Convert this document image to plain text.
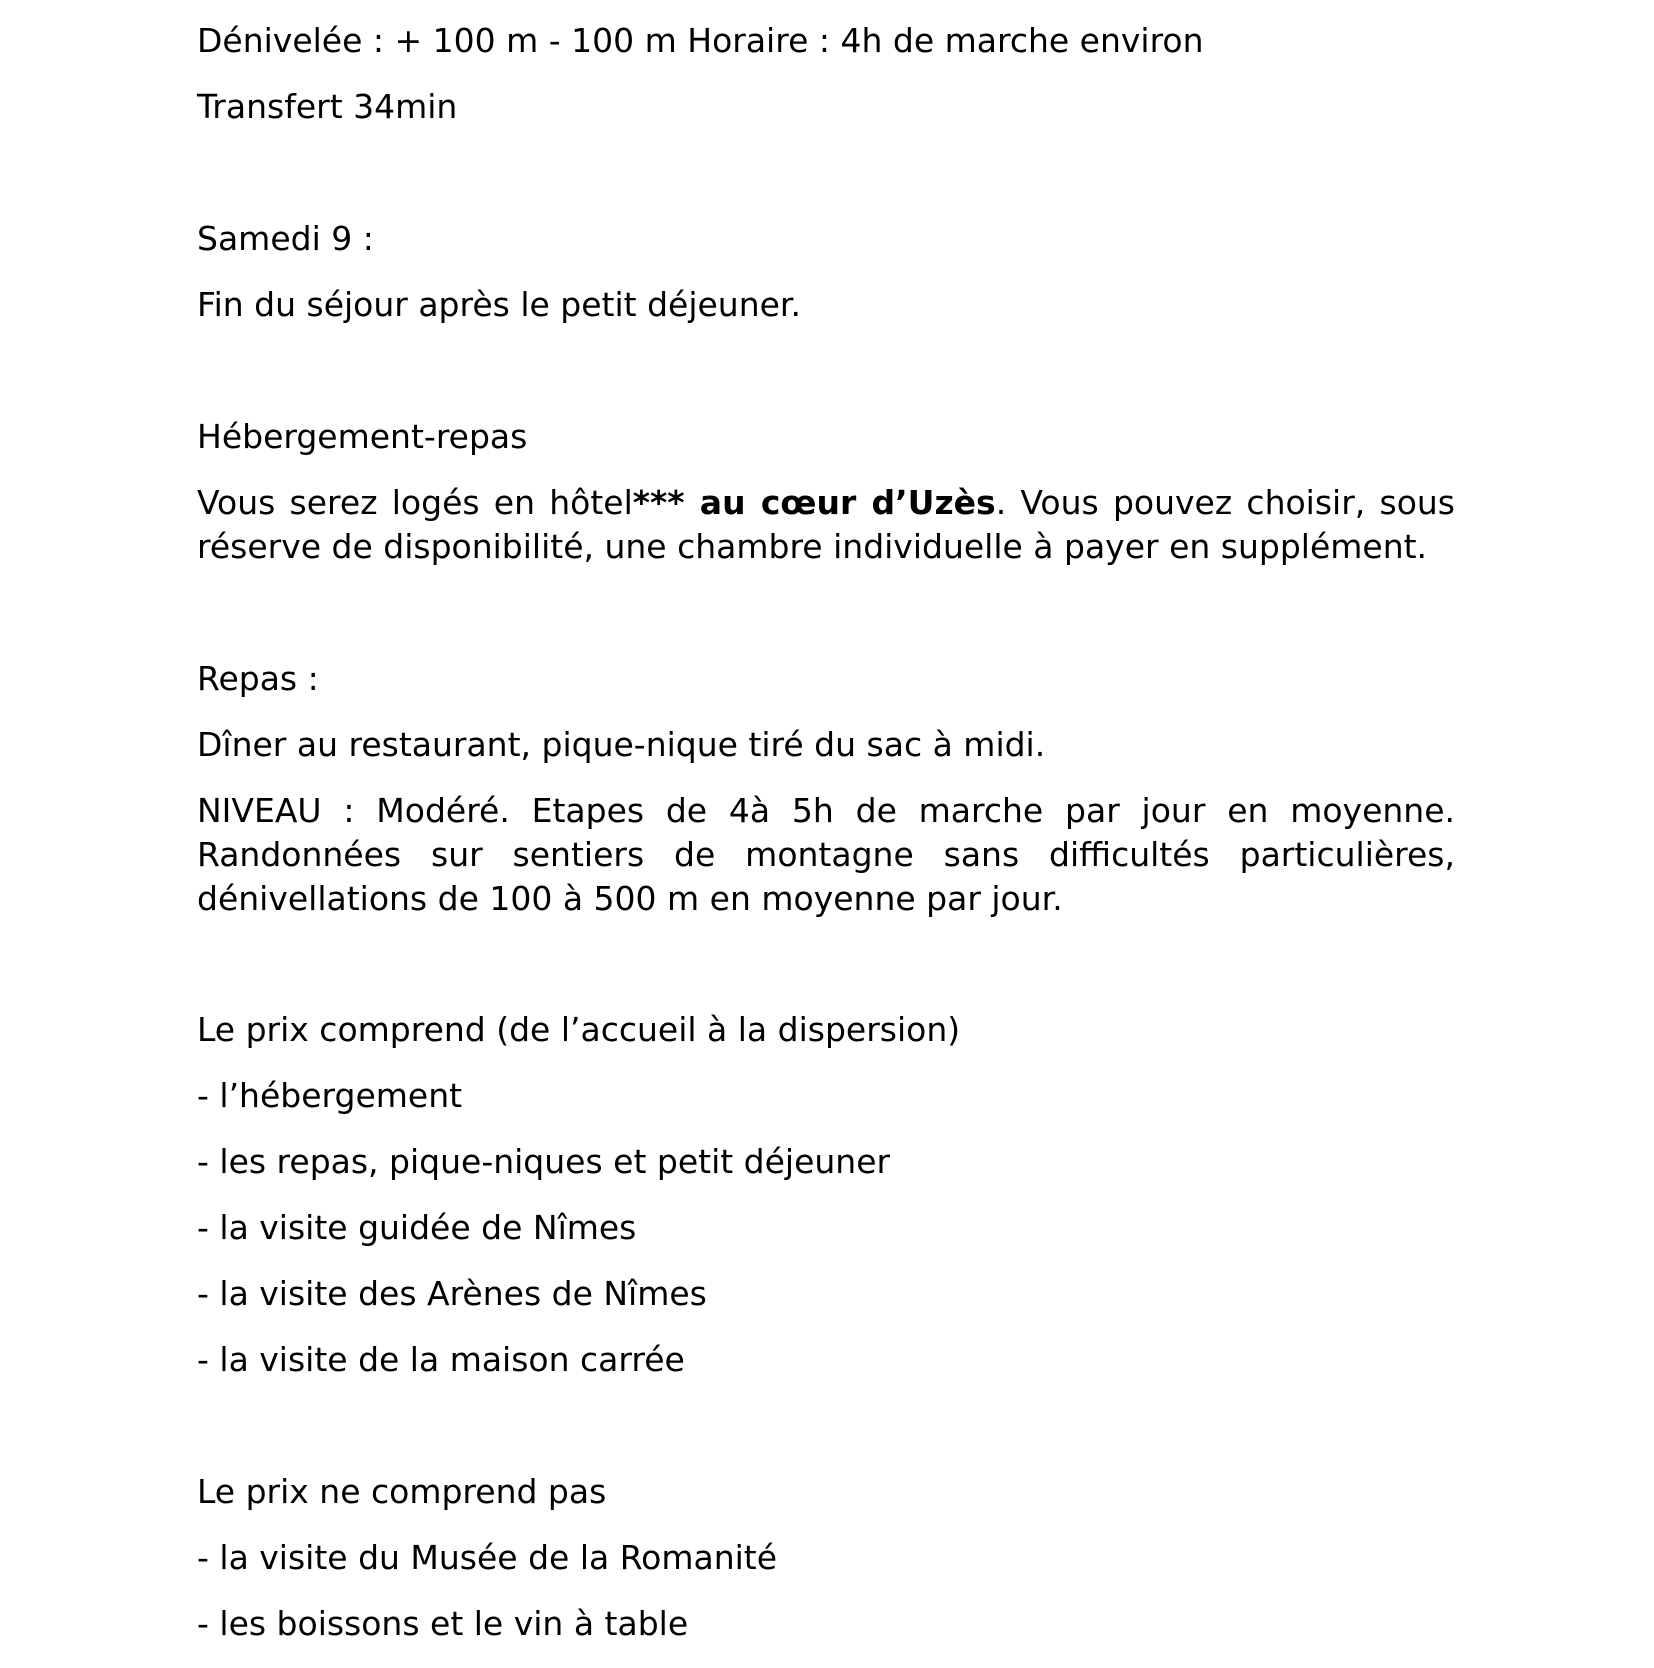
Dénivelée : + 100 m - 100 m Horaire : 4h de marche environ

Transfert 34min

Samedi 9 :

Fin du séjour après le petit déjeuner.

Hébergement-repas

Vous serez logés en hôtel*** au cœur d’Uzès. Vous pouvez choisir, sous réserve de disponibilité, une chambre individuelle à payer en supplément.

Repas :

Dîner au restaurant, pique-nique tiré du sac à midi.

NIVEAU : Modéré. Etapes de 4à 5h de marche par jour en moyenne. Randonnées sur sentiers de montagne sans difficultés particulières, dénivellations de 100 à 500 m en moyenne par jour.

Le prix comprend (de l’accueil à la dispersion)

- l’hébergement

- les repas, pique-niques et petit déjeuner

- la visite guidée de Nîmes

- la visite des Arènes de Nîmes

- la visite de la maison carrée

Le prix ne comprend pas

- la visite du Musée de la Romanité

- les boissons et le vin à table
